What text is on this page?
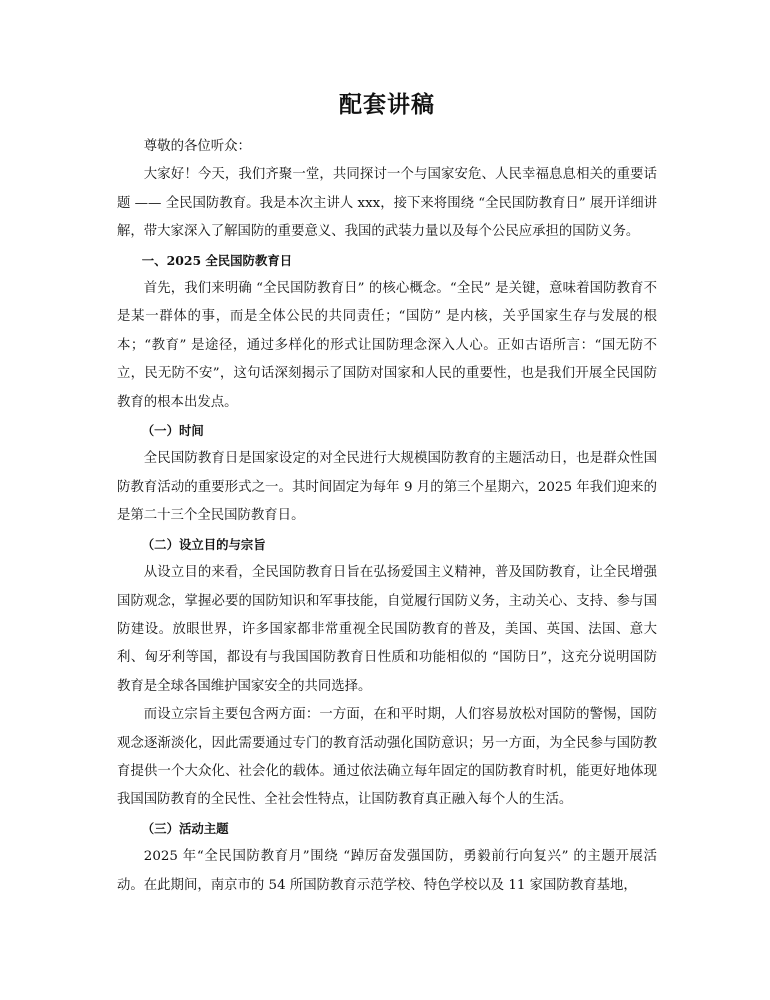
配套讲稿

尊敬的各位听众：

大家好！今天，我们齐聚一堂，共同探讨一个与国家安危、人民幸福息息相关的重要话题 —— 全民国防教育。我是本次主讲人 xxx，接下来将围绕 “全民国防教育日” 展开详细讲解，带大家深入了解国防的重要意义、我国的武装力量以及每个公民应承担的国防义务。

一、2025 全民国防教育日

首先，我们来明确 “全民国防教育日” 的核心概念。“全民” 是关键，意味着国防教育不是某一群体的事，而是全体公民的共同责任；“国防” 是内核，关乎国家生存与发展的根本；“教育” 是途径，通过多样化的形式让国防理念深入人心。正如古语所言：“国无防不立，民无防不安”，这句话深刻揭示了国防对国家和人民的重要性，也是我们开展全民国防教育的根本出发点。

（一）时间

全民国防教育日是国家设定的对全民进行大规模国防教育的主题活动日，也是群众性国防教育活动的重要形式之一。其时间固定为每年 9 月的第三个星期六，2025 年我们迎来的是第二十三个全民国防教育日。

（二）设立目的与宗旨

从设立目的来看，全民国防教育日旨在弘扬爱国主义精神，普及国防教育，让全民增强国防观念，掌握必要的国防知识和军事技能，自觉履行国防义务，主动关心、支持、参与国防建设。放眼世界，许多国家都非常重视全民国防教育的普及，美国、英国、法国、意大利、匈牙利等国，都设有与我国国防教育日性质和功能相似的 “国防日”，这充分说明国防教育是全球各国维护国家安全的共同选择。

而设立宗旨主要包含两方面：一方面，在和平时期，人们容易放松对国防的警惕，国防观念逐渐淡化，因此需要通过专门的教育活动强化国防意识；另一方面，为全民参与国防教育提供一个大众化、社会化的载体。通过依法确立每年固定的国防教育时机，能更好地体现我国国防教育的全民性、全社会性特点，让国防教育真正融入每个人的生活。

（三）活动主题

2025 年“全民国防教育月”围绕 “踔厉奋发强国防，勇毅前行向复兴” 的主题开展活动。在此期间，南京市的 54 所国防教育示范学校、特色学校以及 11 家国防教育基地，
